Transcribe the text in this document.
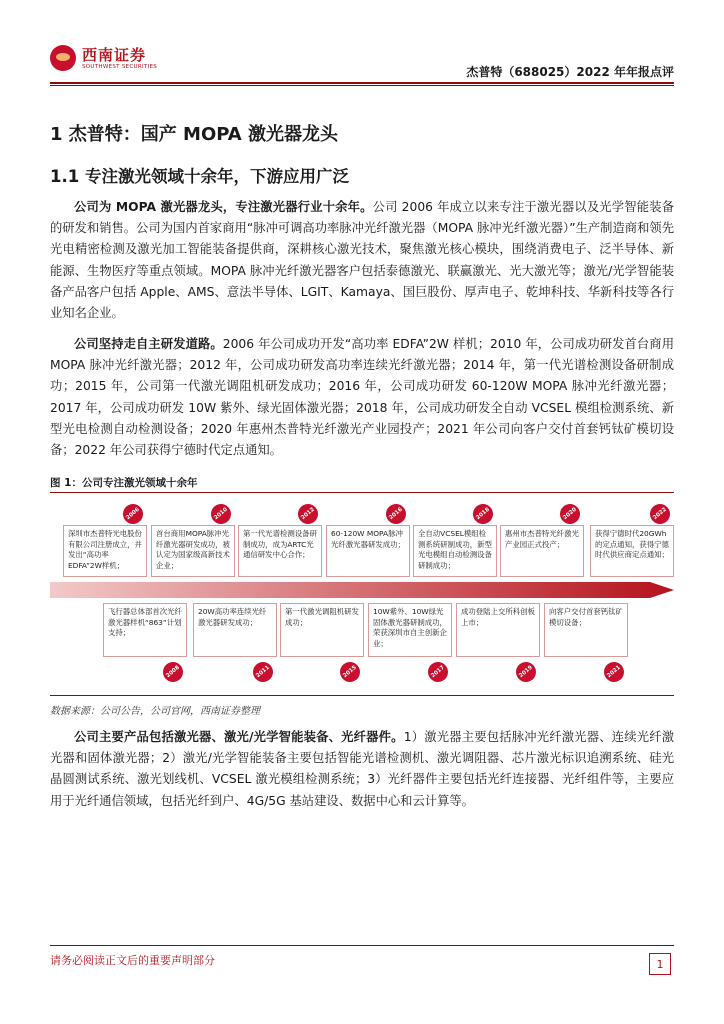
西南证券
SOUTHWEST SECURITIES	杰普特（688025）2022 年年报点评
1 杰普特：国产 MOPA 激光器龙头
1.1 专注激光领域十余年，下游应用广泛

公司为 MOPA 激光器龙头，专注激光器行业十余年。公司 2006 年成立以来专注于激光器以及光学智能装备的研发和销售。公司为国内首家商用“脉冲可调高功率脉冲光纤激光器（MOPA 脉冲光纤激光器）”生产制造商和领先光电精密检测及激光加工智能装备提供商，深耕核心激光技术，聚焦激光核心模块，围绕消费电子、泛半导体、新能源、生物医疗等重点领域。MOPA 脉冲光纤激光器客户包括泰德激光、联赢激光、光大激光等；激光/光学智能装备产品客户包括 Apple、AMS、意法半导体、LGIT、Kamaya、国巨股份、厚声电子、乾坤科技、华新科技等各行业知名企业。

公司坚持走自主研发道路。2006 年公司成功开发“高功率 EDFA”2W 样机；2010 年，公司成功研发首台商用 MOPA 脉冲光纤激光器；2012 年，公司成功研发高功率连续光纤激光器；2014 年，第一代光谱检测设备研制成功；2015 年，公司第一代激光调阻机研发成功；2016 年，公司成功研发 60-120W MOPA 脉冲光纤激光器；2017 年，公司成功研发 10W 紫外、绿光固体激光器；2018 年，公司成功研发全自动 VCSEL 模组检测系统、新型光电检测自动检测设备；2020 年惠州杰普特光纤激光产业园投产；2021 年公司向客户交付首套钙钛矿模切设备；2022 年公司获得宁德时代定点通知。

图 1：公司专注激光领域十余年
深圳市杰普特光电股份有限公司注册成立，并发出“高功率EDFA”2W样机；
2006
首台商用MOPA脉冲光纤激光器研发成功，被认定为国家级高新技术企业；
2010
第一代光谱检测设备研制成功，成为ARTC光通信研发中心合作；
2012
60-120W MOPA脉冲光纤激光器研发成功；
2016
全自动VCSEL模组检测系统研制成功，新型光电模组自动检测设备研制成功；
2018
惠州市杰普特光纤激光产业园正式投产；
2020
获得宁德时代20GWh的定点通知，获得宁德时代供应商定点通知；
2022
飞行器总体部首次光纤激光器样机“863”计划支持；
2008
20W高功率连续光纤激光器研发成功；
2011
第一代激光调阻机研发成功；
2015
10W紫外、10W绿光固体激光器研制成功，荣获深圳市自主创新企业；
2017
成功登陆上交所科创板上市；
2019
向客户交付首套钙钛矿模切设备；
2021
数据来源：公司公告，公司官网，西南证券整理

公司主要产品包括激光器、激光/光学智能装备、光纤器件。1）激光器主要包括脉冲光纤激光器、连续光纤激光器和固体激光器；2）激光/光学智能装备主要包括智能光谱检测机、激光调阻器、芯片激光标识追溯系统、硅光晶圆测试系统、激光划线机、VCSEL 激光模组检测系统；3）光纤器件主要包括光纤连接器、光纤组件等，主要应用于光纤通信领域，包括光纤到户、4G/5G 基站建设、数据中心和云计算等。

请务必阅读正文后的重要声明部分	1
